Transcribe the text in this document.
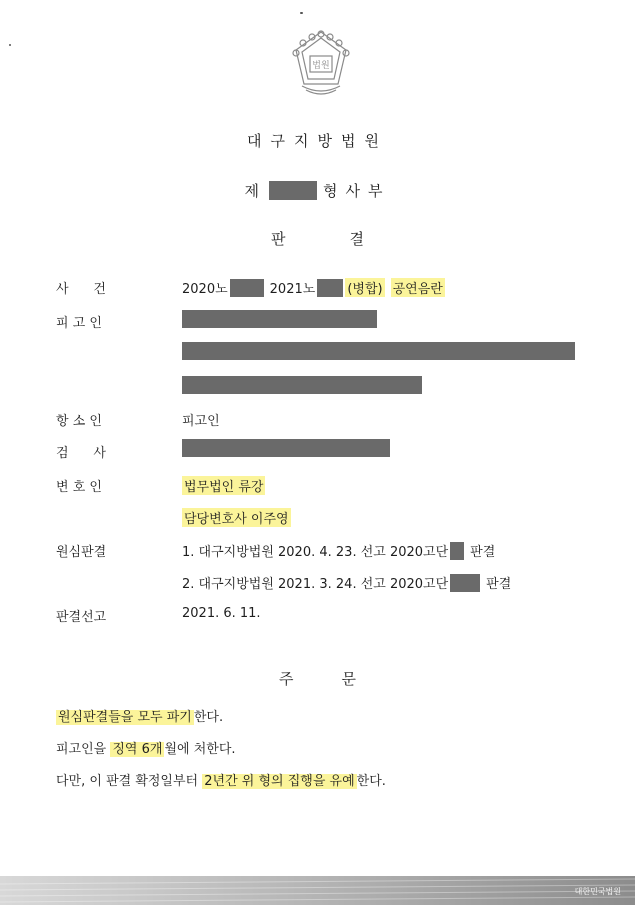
법원
대구지방법원
제	형사부
판결
사      건	2020노	2021노 (병합) 공연음란
피 고 인
항 소 인	피고인
검      사
변 호 인	법무법인 류강
담당변호사 이주영
원심판결	1. 대구지방법원 2020. 4. 23. 선고 2020고단 판결
2. 대구지방법원 2021. 3. 24. 선고 2020고단	판결
판결선고	2021. 6. 11.
주문
원심판결들을 모두 파기 한다.
피고인을 징역 6개 월에 처한다.
다만, 이 판결 확정일부터 2년간 위 형의 집행을 유예 한다.
대한민국법원
